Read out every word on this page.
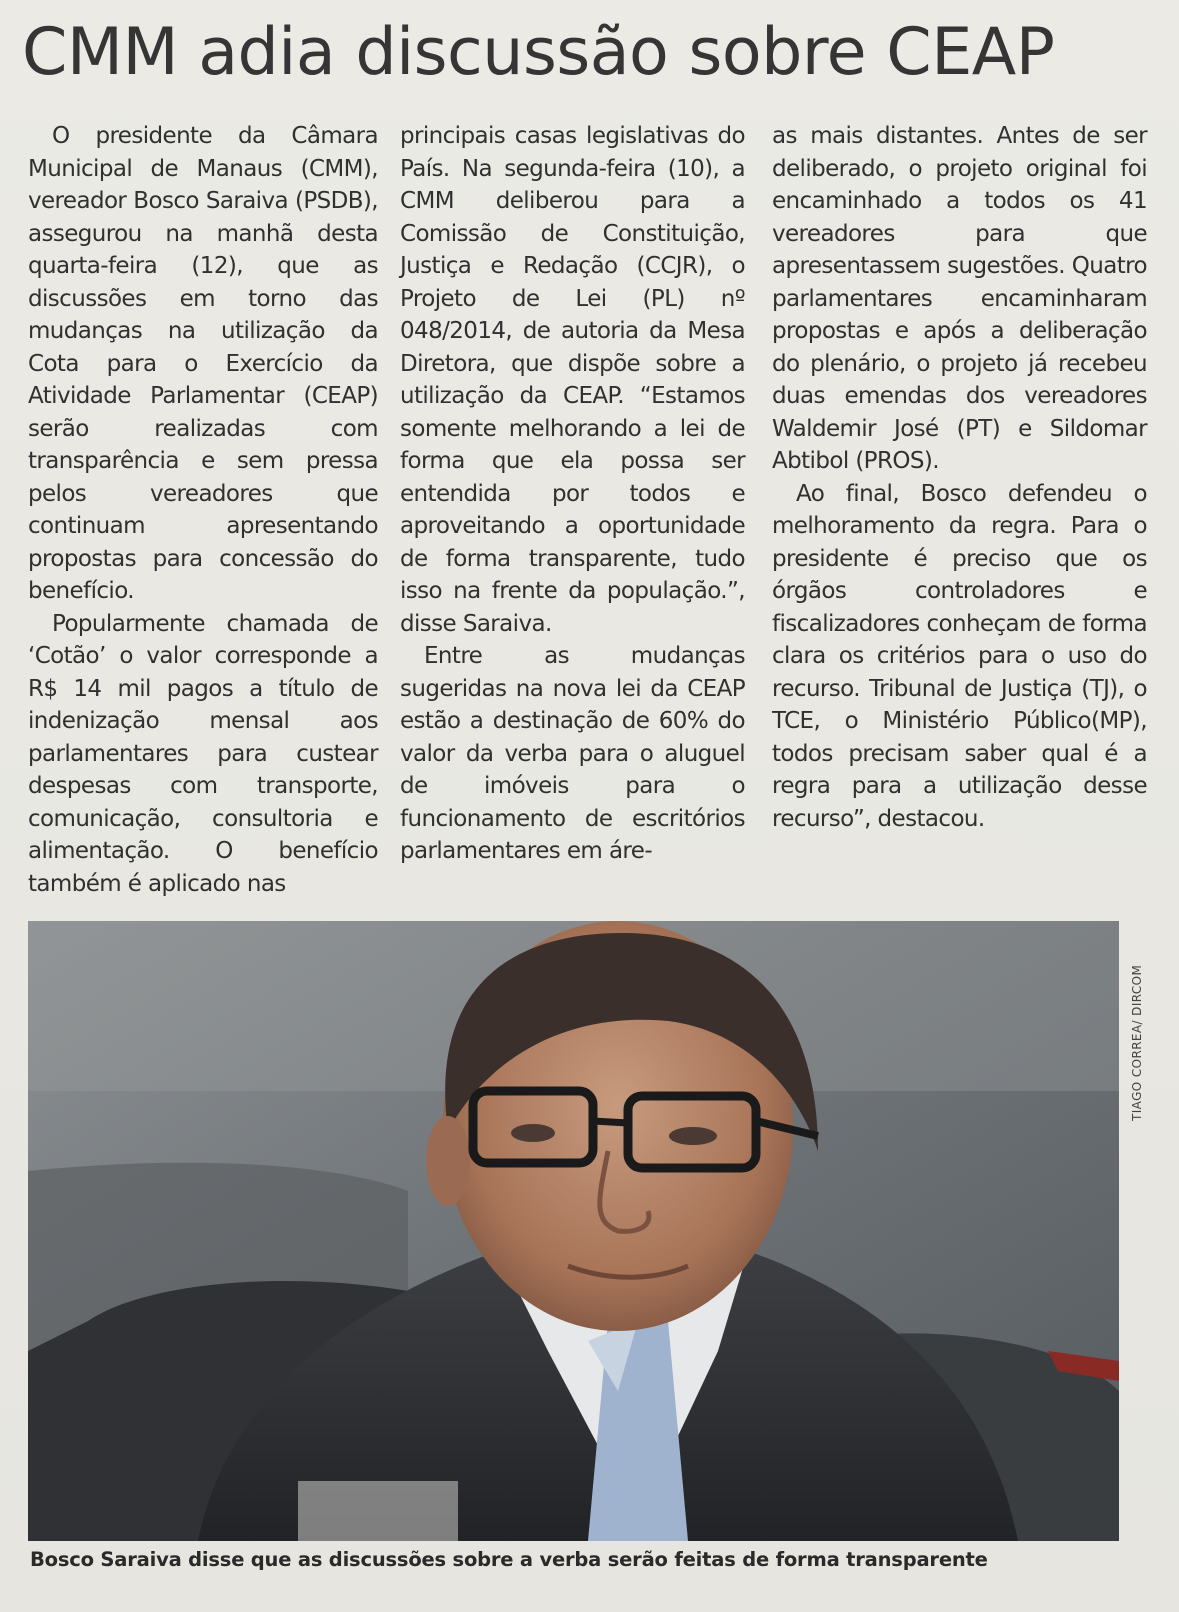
CMM adia discussão sobre CEAP

O presidente da Câmara Municipal de Manaus (CMM), vereador Bosco Saraiva (PSDB), assegurou na manhã desta quarta-feira (12), que as discussões em torno das mudanças na utilização da Cota para o Exercício da Atividade Parlamentar (CEAP) serão realizadas com transparência e sem pressa pelos vereadores que continuam apresentando propostas para concessão do benefício.

Popularmente chamada de ‘Cotão’ o valor corresponde a R$ 14 mil pagos a título de indenização mensal aos parlamentares para custear despesas com transporte, comunicação, consultoria e alimentação. O benefício também é aplicado nas

principais casas legislativas do País. Na segunda-feira (10), a CMM deliberou para a Comissão de Constituição, Justiça e Redação (CCJR), o Projeto de Lei (PL) nº 048/2014, de autoria da Mesa Diretora, que dispõe sobre a utilização da CEAP. “Estamos somente melhorando a lei de forma que ela possa ser entendida por todos e aproveitando a oportunidade de forma transparente, tudo isso na frente da população.”, disse Saraiva.

Entre as mudanças sugeridas na nova lei da CEAP estão a destinação de 60% do valor da verba para o aluguel de imóveis para o funcionamento de escritórios parlamentares em áre-

as mais distantes. Antes de ser deliberado, o projeto original foi encaminhado a todos os 41 vereadores para que apresentassem sugestões. Quatro parlamentares encaminharam propostas e após a deliberação do plenário, o projeto já recebeu duas emendas dos vereadores Waldemir José (PT) e Sildomar Abtibol (PROS).

Ao final, Bosco defendeu o melhoramento da regra. Para o presidente é preciso que os órgãos controladores e fiscalizadores conheçam de forma clara os critérios para o uso do recurso. Tribunal de Justiça (TJ), o TCE, o Ministério Público(MP), todos precisam saber qual é a regra para a utilização desse recurso”, destacou.

TIAGO CORREA/ DIRCOM
Bosco Saraiva disse que as discussões sobre a verba serão feitas de forma transparente
